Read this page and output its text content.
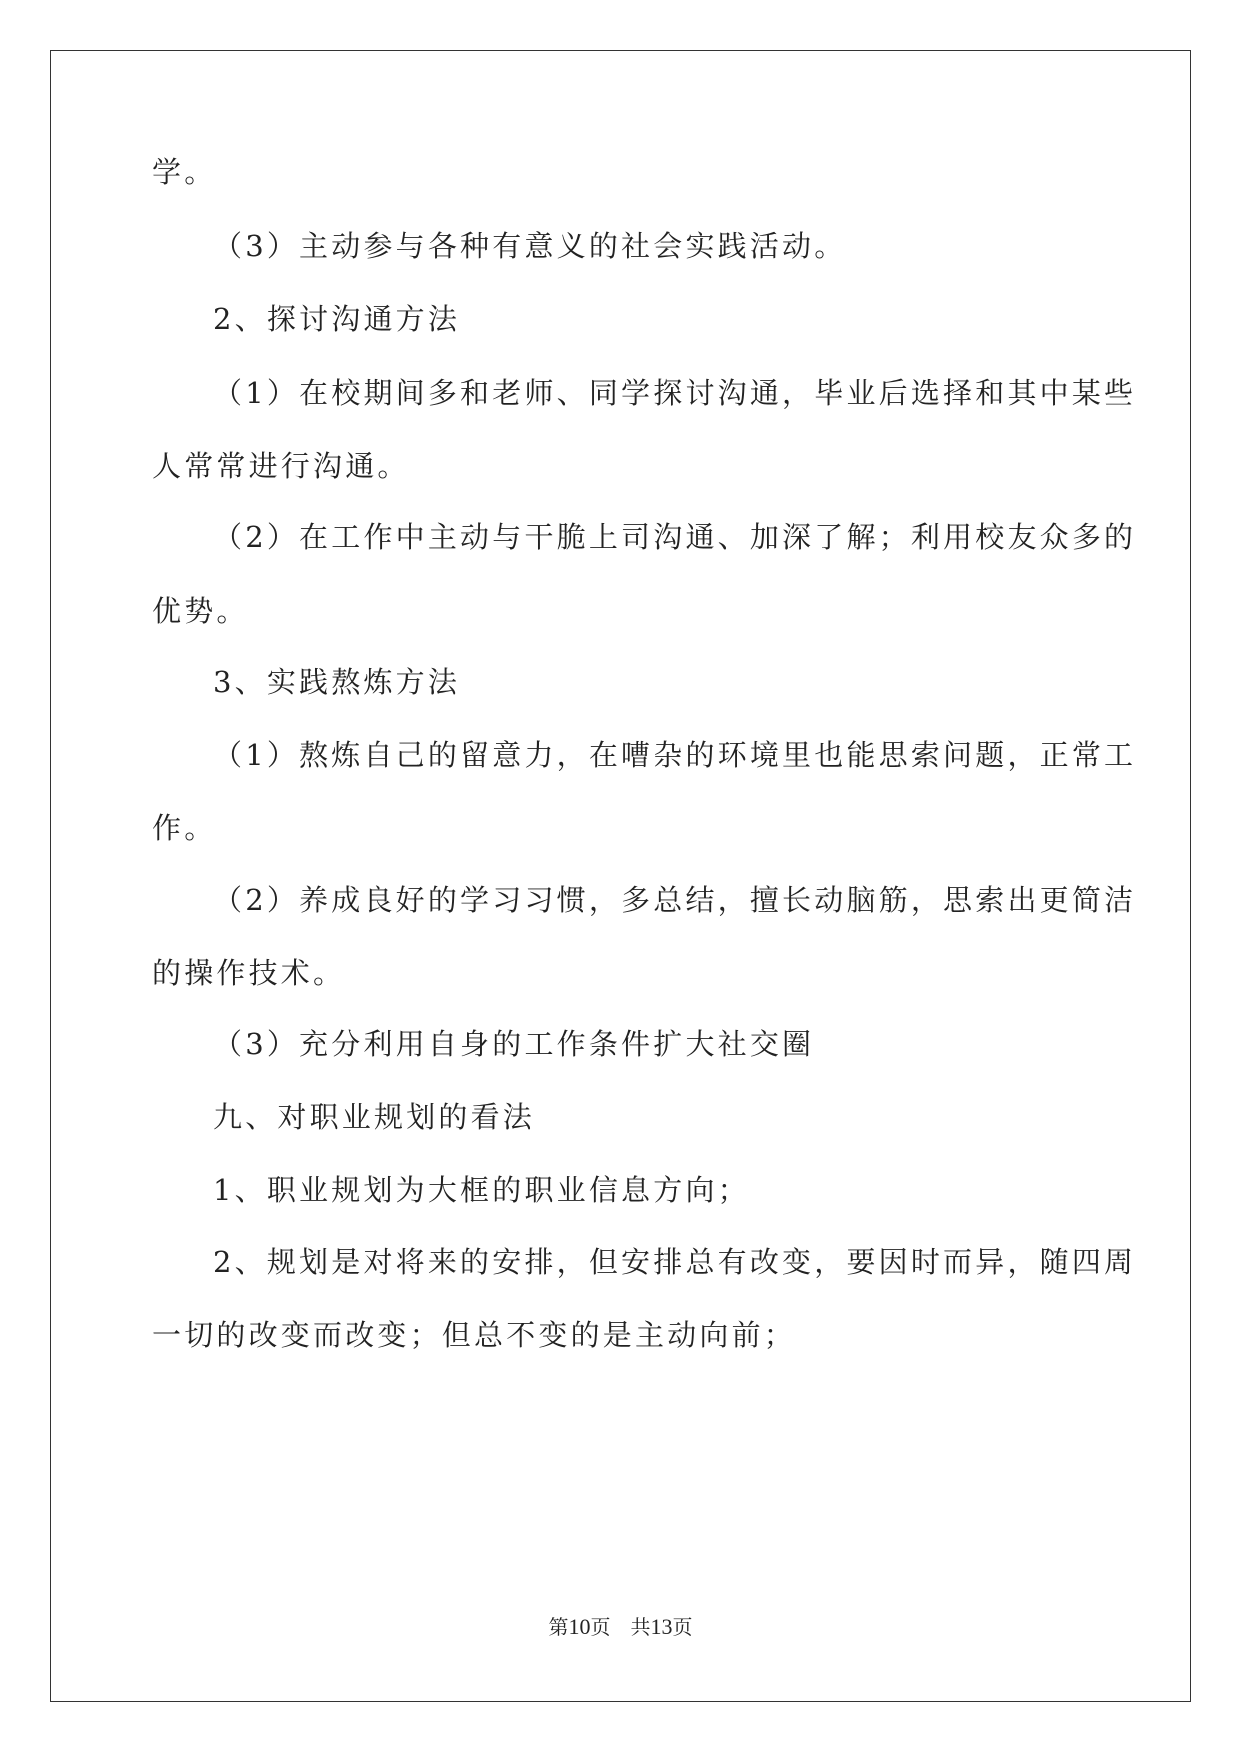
学。
（3）主动参与各种有意义的社会实践活动。
2、探讨沟通方法
（1）在校期间多和老师、同学探讨沟通，毕业后选择和其中某些
人常常进行沟通。
（2）在工作中主动与干脆上司沟通、加深了解；利用校友众多的
优势。
3、实践熬炼方法
（1）熬炼自己的留意力，在嘈杂的环境里也能思索问题，正常工
作。
（2）养成良好的学习习惯，多总结，擅长动脑筋，思索出更简洁
的操作技术。
（3）充分利用自身的工作条件扩大社交圈
九、对职业规划的看法
1、职业规划为大框的职业信息方向；
2、规划是对将来的安排，但安排总有改变，要因时而异，随四周
一切的改变而改变；但总不变的是主动向前；
第10页 共13页
